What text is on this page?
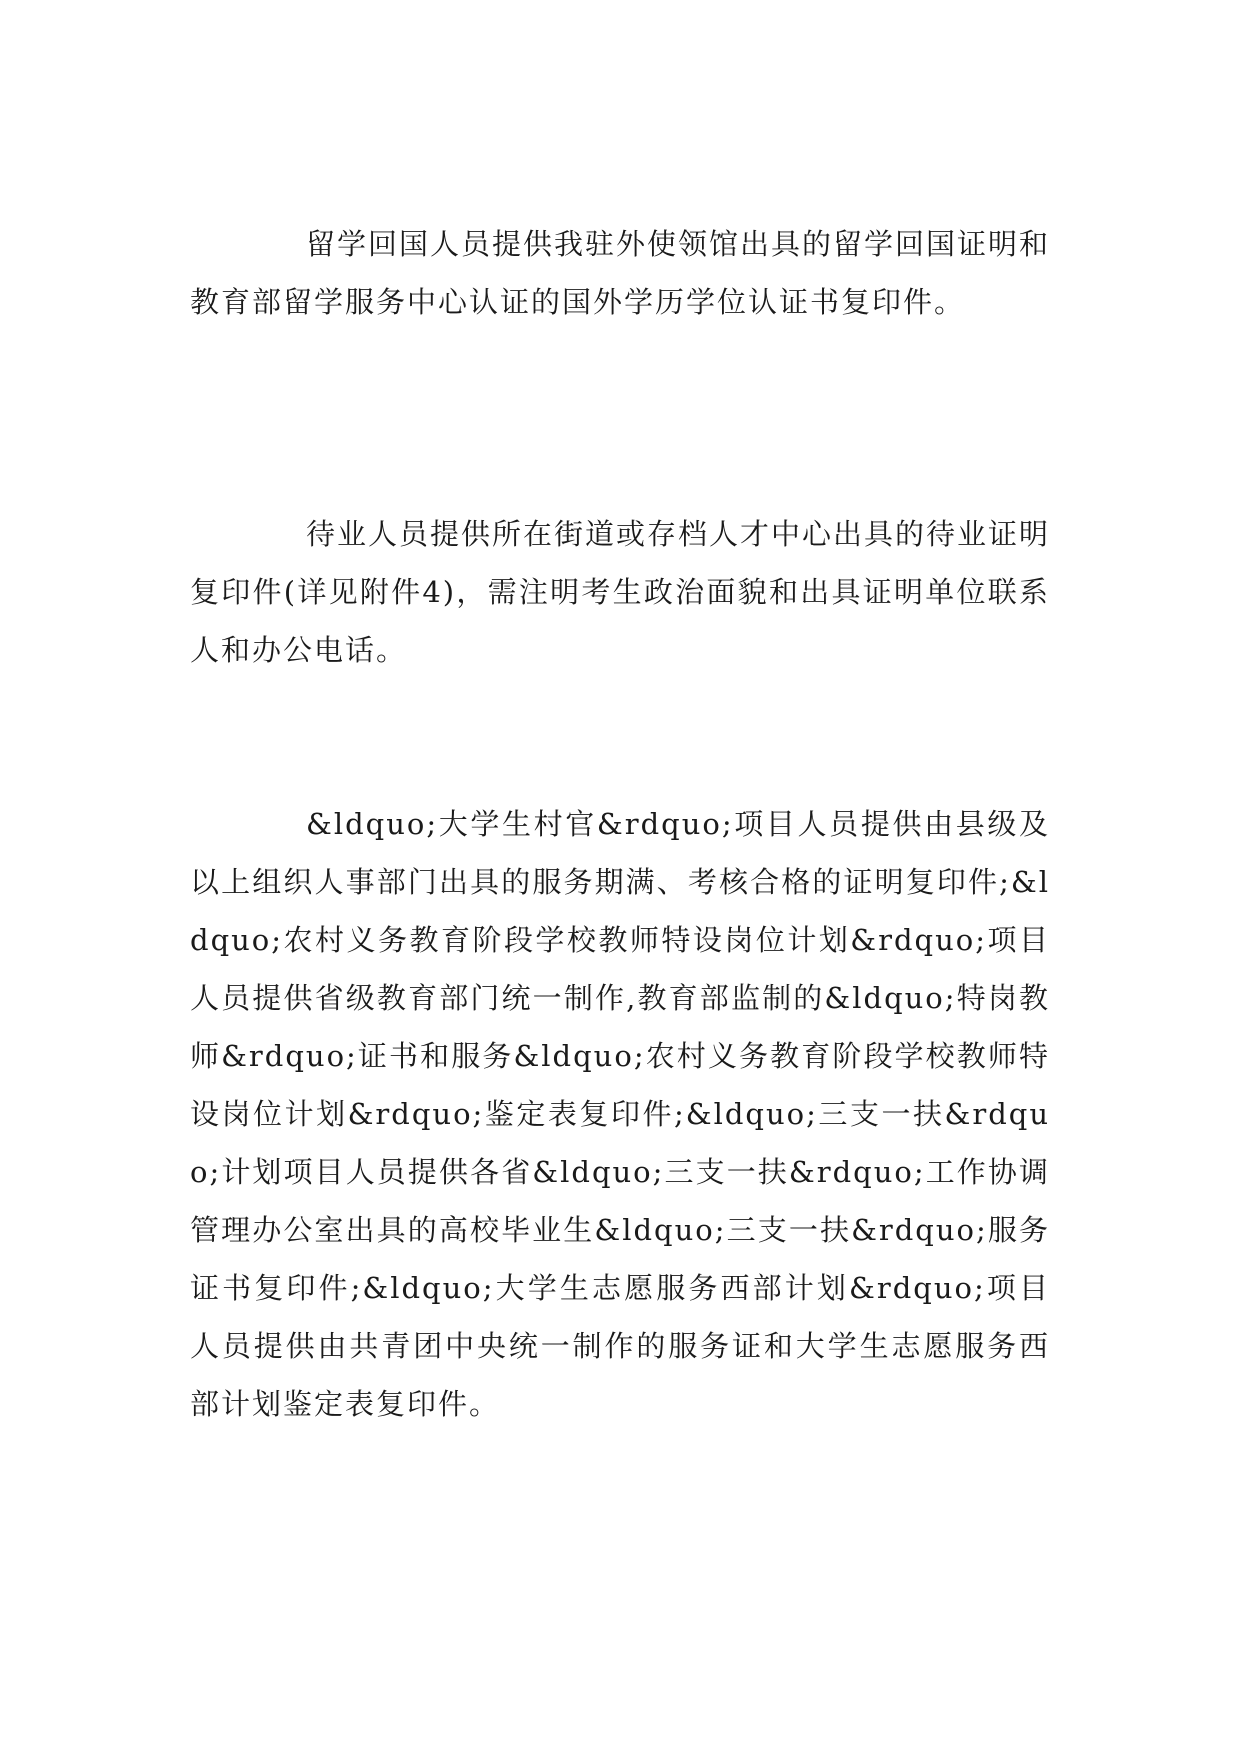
留学回国人员提供我驻外使领馆出具的留学回国证明和教育部留学服务中心认证的国外学历学位认证书复印件。

待业人员提供所在街道或存档人才中心出具的待业证明复印件(详见附件4)，需注明考生政治面貌和出具证明单位联系人和办公电话。

&ldquo;大学生村官&rdquo;项目人员提供由县级及以上组织人事部门出具的服务期满、考核合格的证明复印件;&ldquo;农村义务教育阶段学校教师特设岗位计划&rdquo;项目人员提供省级教育部门统一制作,教育部监制的&ldquo;特岗教师&rdquo;证书和服务&ldquo;农村义务教育阶段学校教师特设岗位计划&rdquo;鉴定表复印件;&ldquo;三支一扶&rdquo;计划项目人员提供各省&ldquo;三支一扶&rdquo;工作协调管理办公室出具的高校毕业生&ldquo;三支一扶&rdquo;服务证书复印件;&ldquo;大学生志愿服务西部计划&rdquo;项目人员提供由共青团中央统一制作的服务证和大学生志愿服务西部计划鉴定表复印件。
